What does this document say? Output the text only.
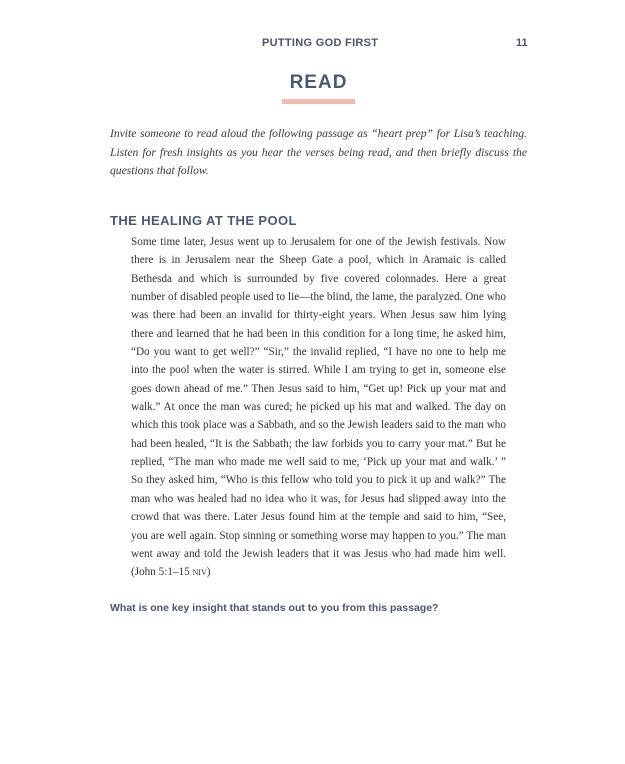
PUTTING GOD FIRST	11
READ

Invite someone to read aloud the following passage as “heart prep” for Lisa’s teaching. Listen for fresh insights as you hear the verses being read, and then briefly discuss the questions that follow.

THE HEALING AT THE POOL

Some time later, Jesus went up to Jerusalem for one of the Jewish festivals. Now there is in Jerusalem near the Sheep Gate a pool, which in Aramaic is called Bethesda and which is surrounded by five covered colonnades. Here a great number of disabled people used to lie—the blind, the lame, the paralyzed. One who was there had been an invalid for thirty-eight years. When Jesus saw him lying there and learned that he had been in this condition for a long time, he asked him, “Do you want to get well?” “Sir,” the invalid replied, “I have no one to help me into the pool when the water is stirred. While I am trying to get in, someone else goes down ahead of me.” Then Jesus said to him, “Get up! Pick up your mat and walk.” At once the man was cured; he picked up his mat and walked. The day on which this took place was a Sabbath, and so the Jewish leaders said to the man who had been healed, “It is the Sabbath; the law forbids you to carry your mat.” But he replied, “The man who made me well said to me, ‘Pick up your mat and walk.’ ” So they asked him, “Who is this fellow who told you to pick it up and walk?” The man who was healed had no idea who it was, for Jesus had slipped away into the crowd that was there. Later Jesus found him at the temple and said to him, “See, you are well again. Stop sinning or something worse may happen to you.” The man went away and told the Jewish leaders that it was Jesus who had made him well. (John 5:1–15 niv)

What is one key insight that stands out to you from this passage?
